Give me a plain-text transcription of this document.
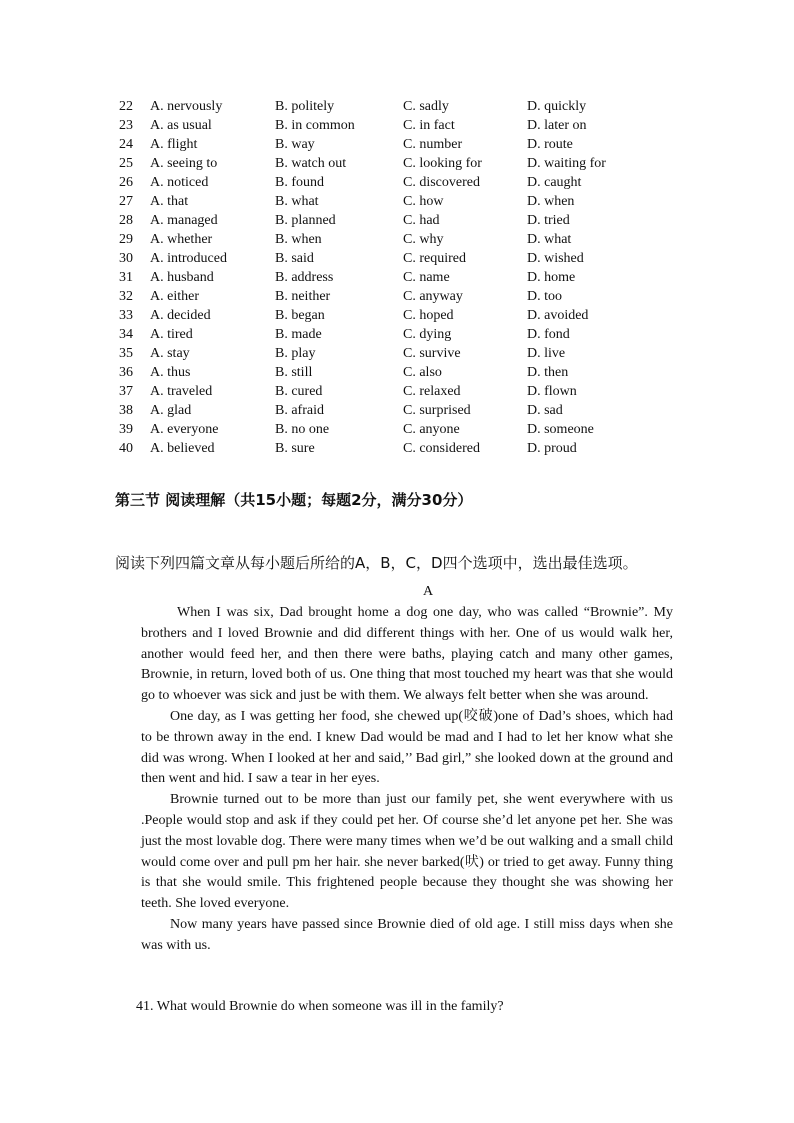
22 A. nervously	B. politely	C. sadly	D. quickly
23 A. as usual	B. in common	C. in fact	D. later on
24 A. flight	B. way	C. number	D. route
25 A. seeing to	B. watch out	C. looking for	D. waiting for
26 A. noticed	B. found	C. discovered	D. caught
27 A. that	B. what	C. how	D. when
28 A. managed	B. planned	C. had	D. tried
29 A. whether	B. when	C. why	D. what
30 A. introduced	B. said	C. required	D. wished
31 A. husband	B. address	C. name	D. home
32 A. either	B. neither	C. anyway	D. too
33 A. decided	B. began	C. hoped	D. avoided
34 A. tired	B. made	C. dying	D. fond
35 A. stay	B. play	C. survive	D. live
36 A. thus	B. still	C. also	D. then
37 A. traveled	B. cured	C. relaxed	D. flown
38 A. glad	B. afraid	C. surprised	D. sad
39 A. everyone	B. no one	C. anyone	D. someone
40 A. believed	B. sure	C. considered	D. proud
第三节 阅读理解（共15小题；每题2分，满分30分）
阅读下列四篇文章从每小题后所给的A，B，C，D四个选项中，选出最佳选项。
A

When I was six, Dad brought home a dog one day, who was called “Brownie”. My brothers and I loved Brownie and did different things with her. One of us would walk her, another would feed her, and then there were baths, playing catch and many other games, Brownie, in return, loved both of us. One thing that most touched my heart was that she would go to whoever was sick and just be with them. We always felt better when she was around.

One day, as I was getting her food, she chewed up(咬破)one of Dad’s shoes, which had to be thrown away in the end. I knew Dad would be mad and I had to let her know what she did was wrong. When I looked at her and said,’’ Bad girl,” she looked down at the ground and then went and hid. I saw a tear in her eyes.

Brownie turned out to be more than just our family pet, she went everywhere with us .People would stop and ask if they could pet her. Of course she’d let anyone pet her. She was just the most lovable dog. There were many times when we’d be out walking and a small child would come over and pull pm her hair. she never barked(吠) or tried to get away. Funny thing is that she would smile. This frightened people because they thought she was showing her teeth. She loved everyone.

Now many years have passed since Brownie died of old age. I still miss days when she was with us.

41. What would Brownie do when someone was ill in the family?
